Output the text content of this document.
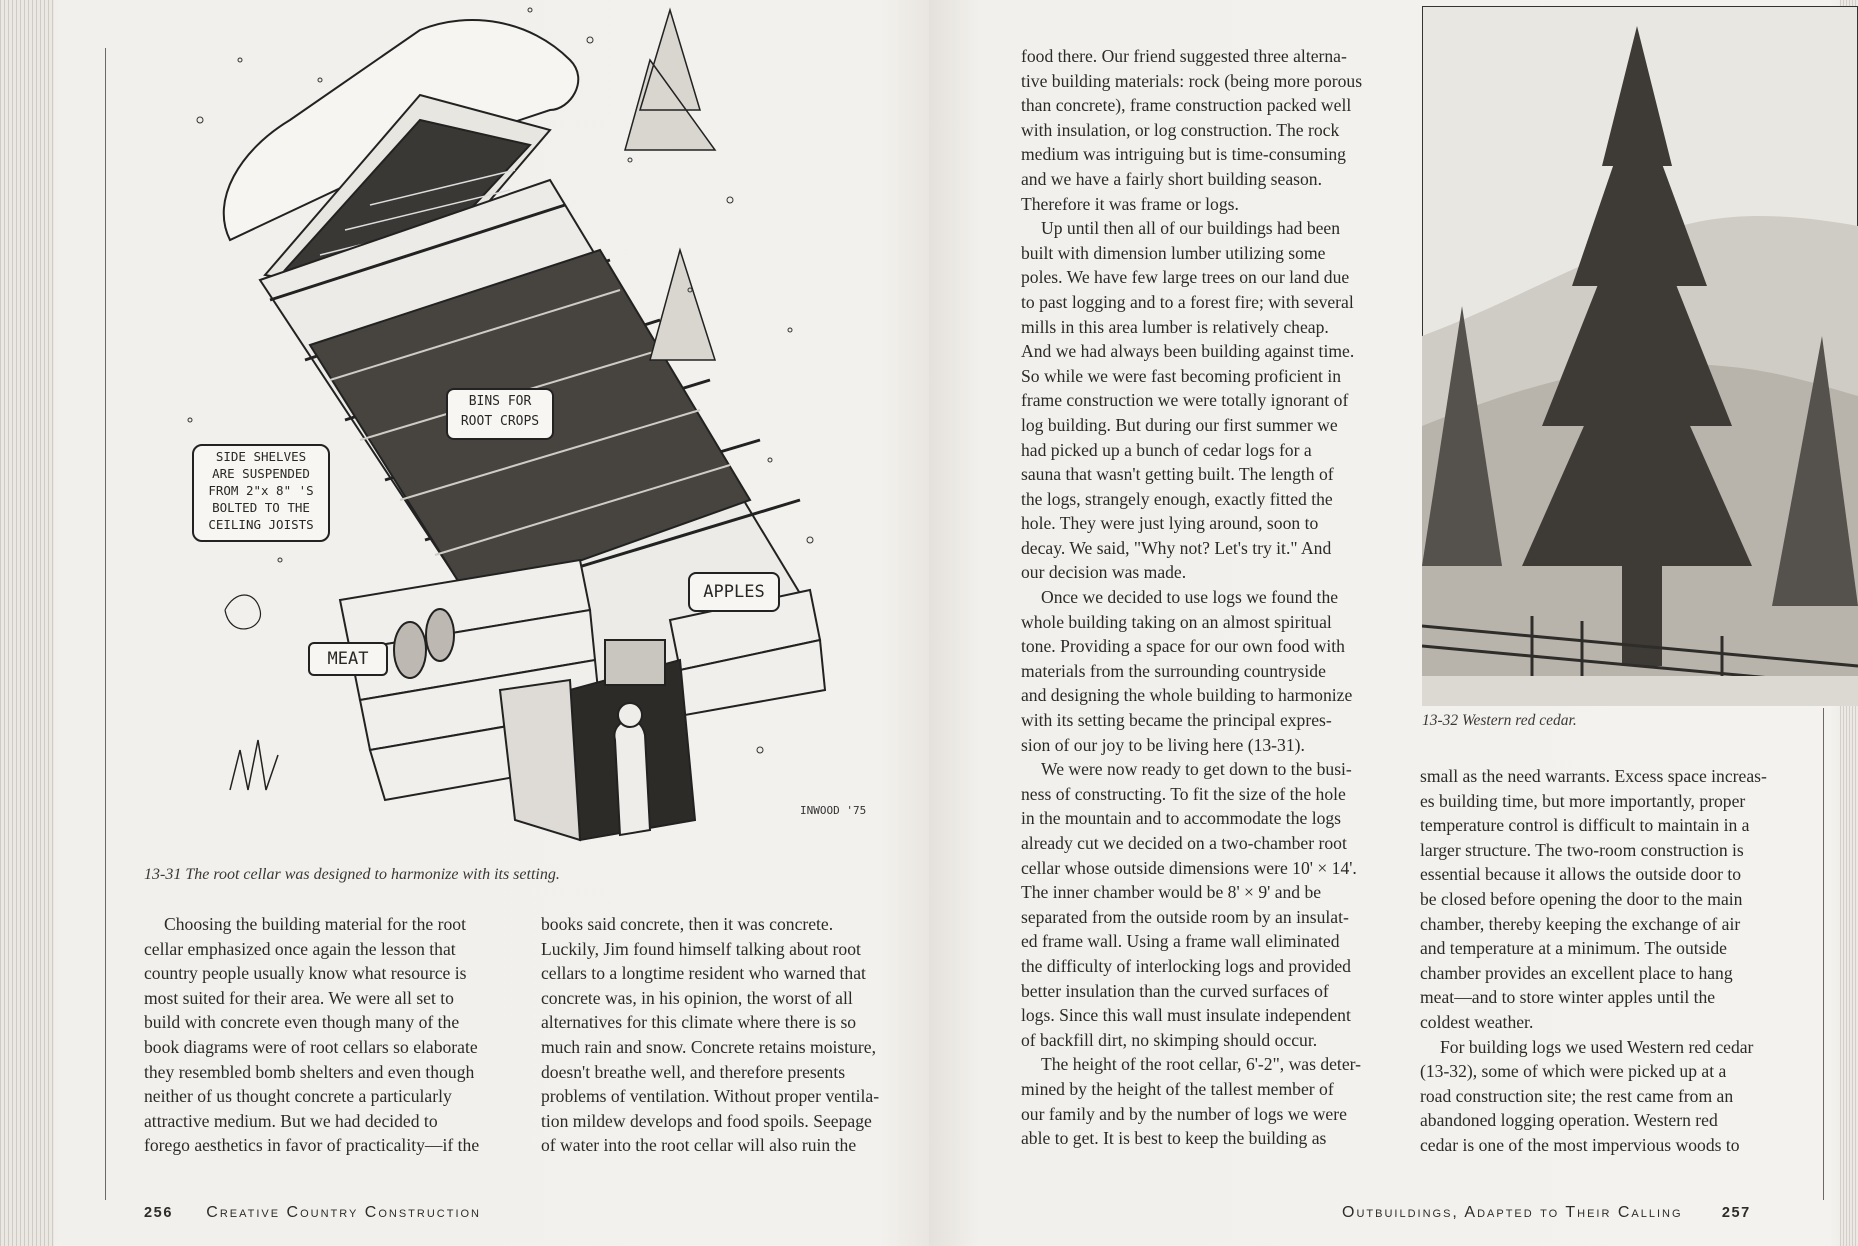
SIDE SHELVES
ARE SUSPENDED
FROM 2"x 8" 'S
BOLTED TO THE
CEILING JOISTS
BINS FOR
ROOT CROPS
APPLES
MEAT
INWOOD '75
13-31 The root cellar was designed to harmonize with its setting.

Choosing the building material for the root

cellar emphasized once again the lesson that

country people usually know what resource is

most suited for their area. We were all set to

build with concrete even though many of the

book diagrams were of root cellars so elaborate

they resembled bomb shelters and even though

neither of us thought concrete a particularly

attractive medium. But we had decided to

forego aesthetics in favor of practicality—if the

books said concrete, then it was concrete.

Luckily, Jim found himself talking about root

cellars to a longtime resident who warned that

concrete was, in his opinion, the worst of all

alternatives for this climate where there is so

much rain and snow. Concrete retains moisture,

doesn't breathe well, and therefore presents

problems of ventilation. Without proper ventila-

tion mildew develops and food spoils. Seepage

of water into the root cellar will also ruin the

256 Creative Country Construction

food there. Our friend suggested three alterna-

tive building materials: rock (being more porous

than concrete), frame construction packed well

with insulation, or log construction. The rock

medium was intriguing but is time-consuming

and we have a fairly short building season.

Therefore it was frame or logs.

Up until then all of our buildings had been

built with dimension lumber utilizing some

poles. We have few large trees on our land due

to past logging and to a forest fire; with several

mills in this area lumber is relatively cheap.

And we had always been building against time.

So while we were fast becoming proficient in

frame construction we were totally ignorant of

log building. But during our first summer we

had picked up a bunch of cedar logs for a

sauna that wasn't getting built. The length of

the logs, strangely enough, exactly fitted the

hole. They were just lying around, soon to

decay. We said, "Why not? Let's try it." And

our decision was made.

Once we decided to use logs we found the

whole building taking on an almost spiritual

tone. Providing a space for our own food with

materials from the surrounding countryside

and designing the whole building to harmonize

with its setting became the principal expres-

sion of our joy to be living here (13-31).

We were now ready to get down to the busi-

ness of constructing. To fit the size of the hole

in the mountain and to accommodate the logs

already cut we decided on a two-chamber root

cellar whose outside dimensions were 10' × 14'.

The inner chamber would be 8' × 9' and be

separated from the outside room by an insulat-

ed frame wall. Using a frame wall eliminated

the difficulty of interlocking logs and provided

better insulation than the curved surfaces of

logs. Since this wall must insulate independent

of backfill dirt, no skimping should occur.

The height of the root cellar, 6'-2", was deter-

mined by the height of the tallest member of

our family and by the number of logs we were

able to get. It is best to keep the building as

13-32 Western red cedar.

small as the need warrants. Excess space increas-

es building time, but more importantly, proper

temperature control is difficult to maintain in a

larger structure. The two-room construction is

essential because it allows the outside door to

be closed before opening the door to the main

chamber, thereby keeping the exchange of air

and temperature at a minimum. The outside

chamber provides an excellent place to hang

meat—and to store winter apples until the

coldest weather.

For building logs we used Western red cedar

(13-32), some of which were picked up at a

road construction site; the rest came from an

abandoned logging operation. Western red

cedar is one of the most impervious woods to

Outbuildings, Adapted to Their Calling	257
